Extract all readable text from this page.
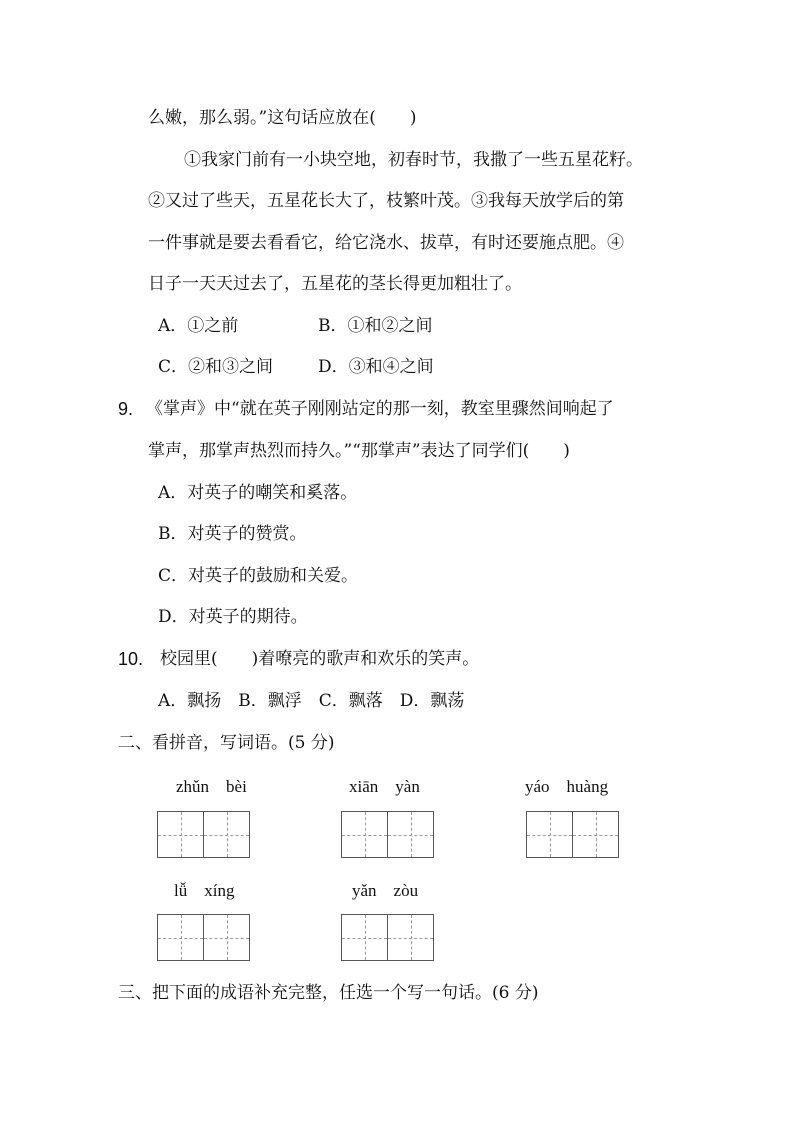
么嫩，那么弱。”这句话应放在(　　)
①我家门前有一小块空地，初春时节，我撒了一些五星花籽。
②又过了些天，五星花长大了，枝繁叶茂。③我每天放学后的第
一件事就是要去看看它，给它浇水、拔草，有时还要施点肥。④
日子一天天过去了，五星花的茎长得更加粗壮了。
A．①之前	B．①和②之间
C．②和③之间	D．③和④之间
9. 《掌声》中“就在英子刚刚站定的那一刻，教室里骤然间响起了
掌声，那掌声热烈而持久。”“那掌声”表达了同学们(　　)
A．对英子的嘲笑和奚落。
B．对英子的赞赏。
C．对英子的鼓励和关爱。
D．对英子的期待。
10. 校园里(　　)着嘹亮的歌声和欢乐的笑声。
A．飘扬　B．飘浮　C．飘落　D．飘荡
二、看拼音，写词语。(5 分)
zhǔn　bèi	xiān　yàn	yáo　huàng
lǚ　xíng	yǎn　zòu
三、把下面的成语补充完整，任选一个写一句话。(6 分)
